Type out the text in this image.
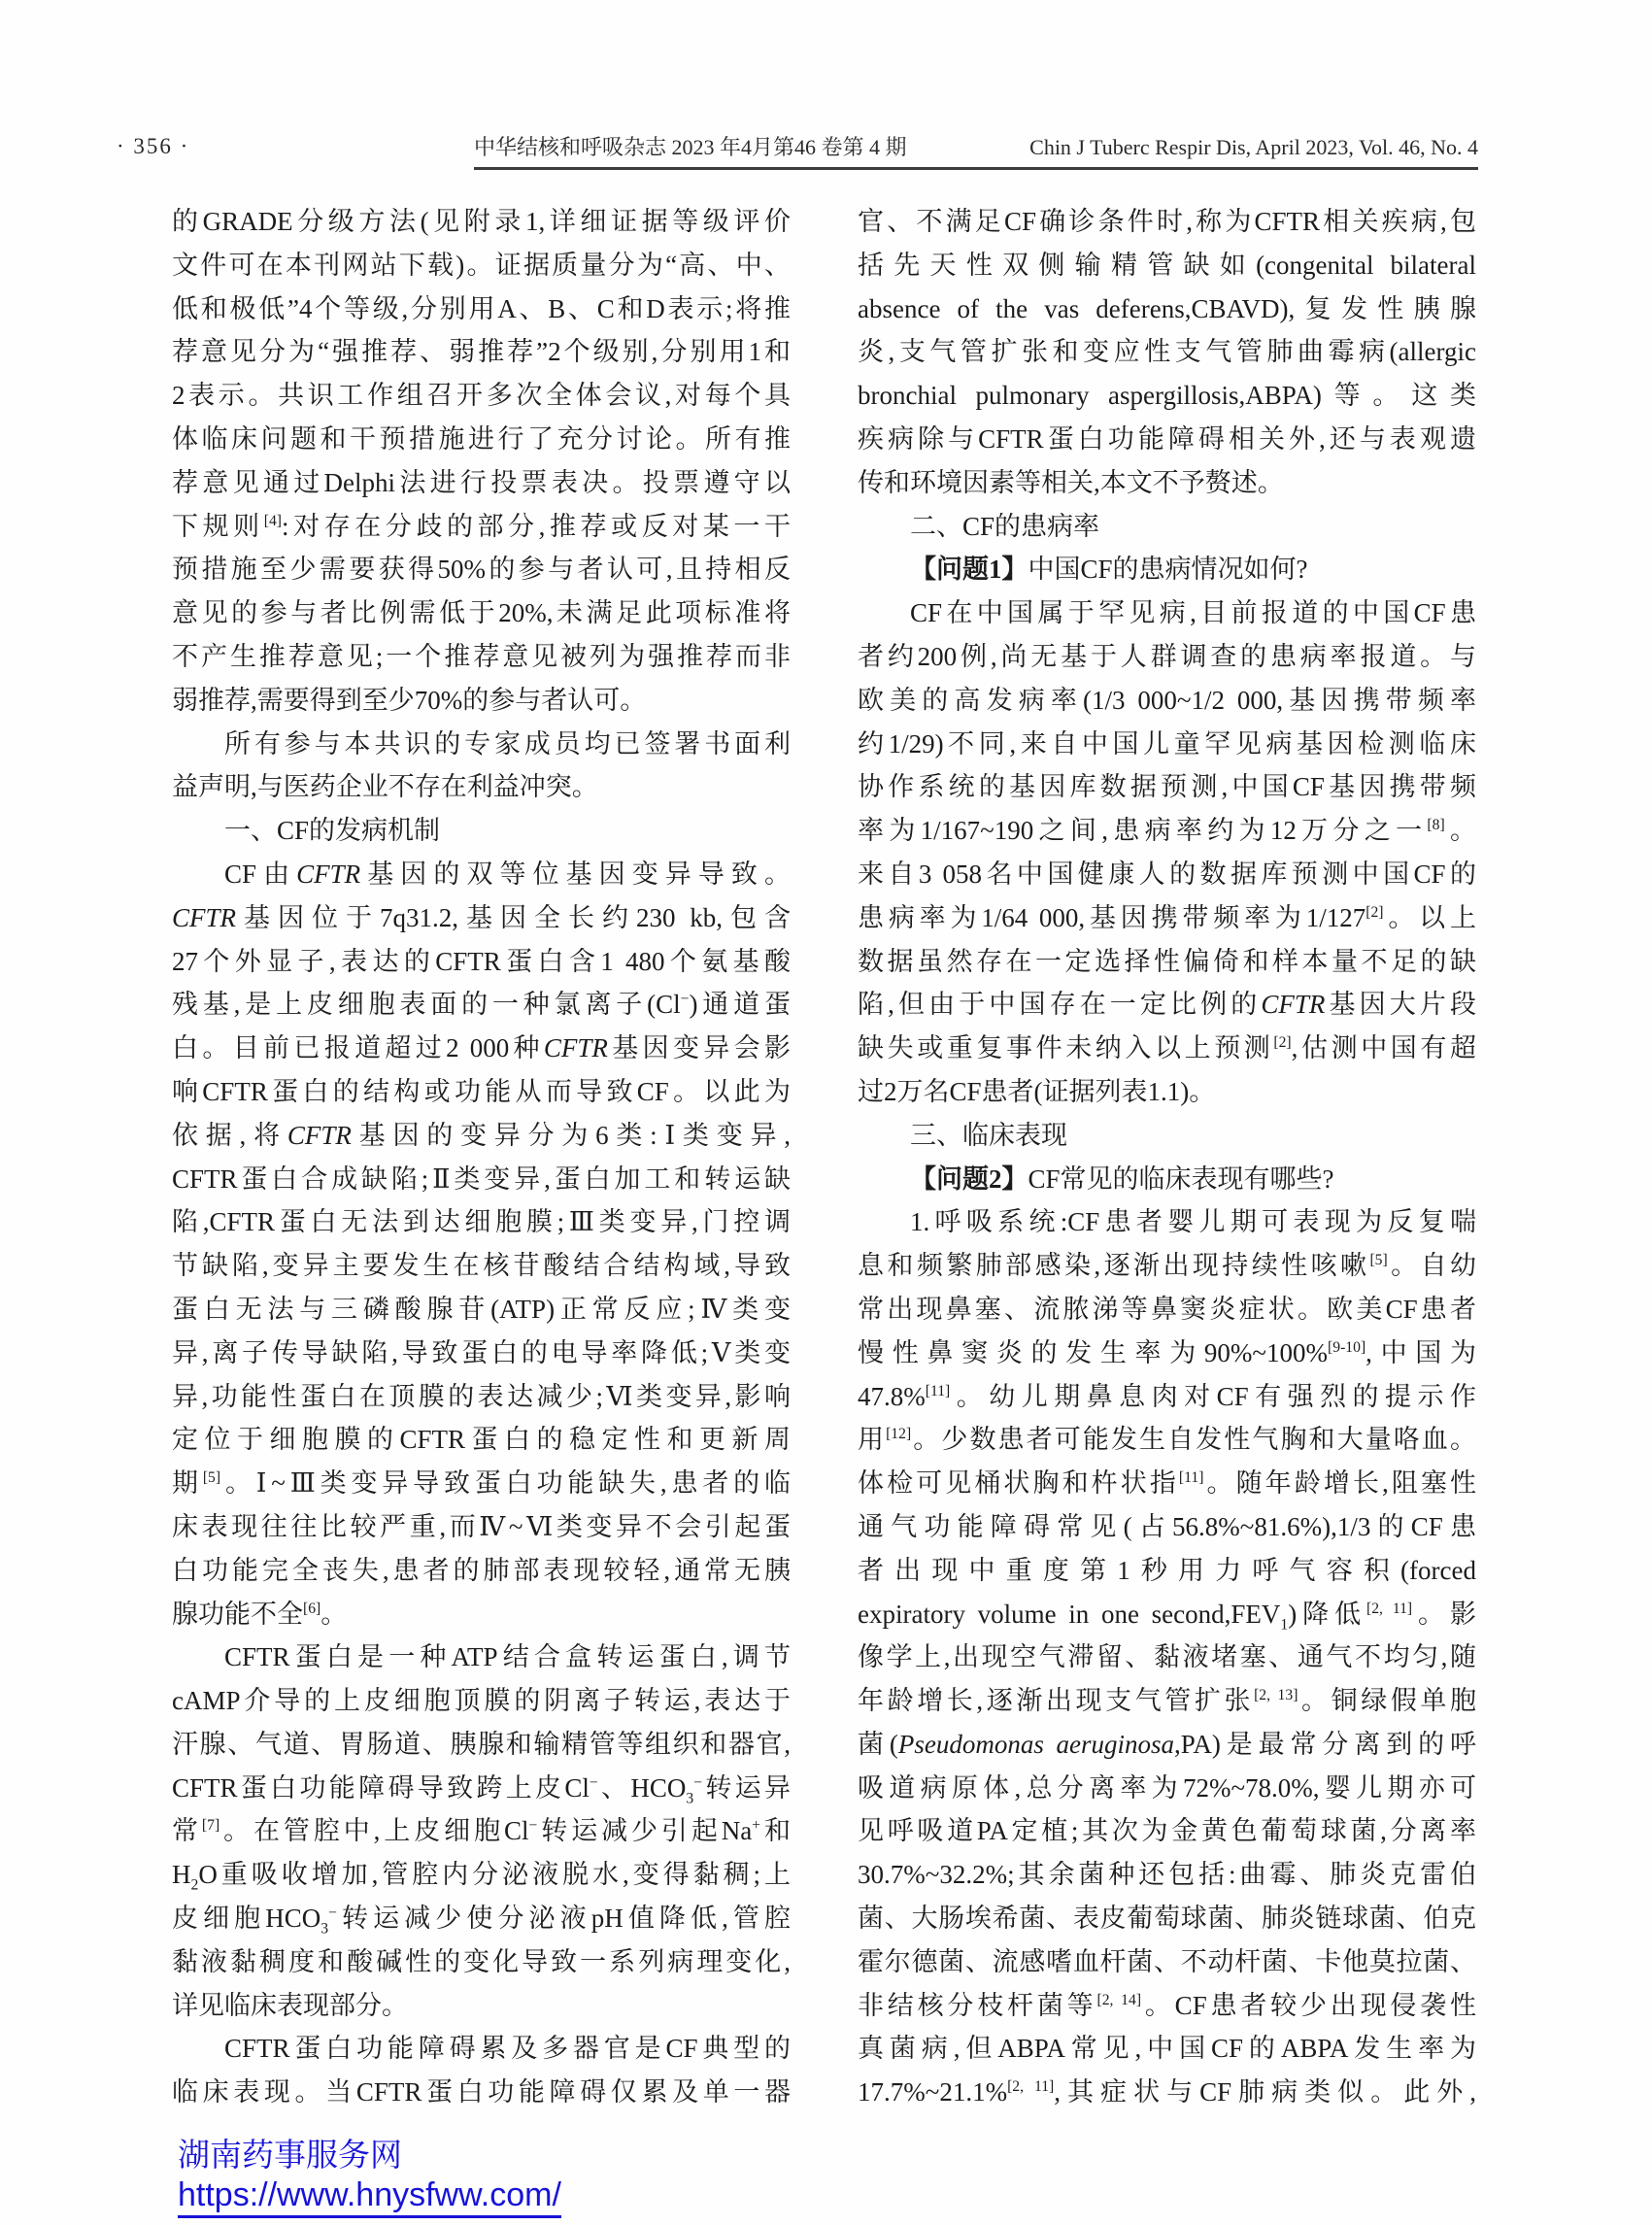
· 356 ·	中华结核和呼吸杂志 2023 年4月第46 卷第 4 期	Chin J Tuberc Respir Dis, April 2023, Vol. 46, No. 4
的GRADE分级方法(见附录1,详细证据等级评价
文件可在本刊网站下载)。证据质量分为“高、中、
低和极低”4个等级,分别用A、B、C和D表示;将推
荐意见分为“强推荐、弱推荐”2个级别,分别用1和
2表示。共识工作组召开多次全体会议,对每个具
体临床问题和干预措施进行了充分讨论。所有推
荐意见通过Delphi法进行投票表决。投票遵守以
下规则[4]:对存在分歧的部分,推荐或反对某一干
预措施至少需要获得50%的参与者认可,且持相反
意见的参与者比例需低于20%,未满足此项标准将
不产生推荐意见;一个推荐意见被列为强推荐而非
弱推荐,需要得到至少70%的参与者认可。
所有参与本共识的专家成员均已签署书面利
益声明,与医药企业不存在利益冲突。
一、CF的发病机制
CF由CFTR基因的双等位基因变异导致。
CFTR基因位于7q31.2,基因全长约230 kb,包含
27个外显子,表达的CFTR蛋白含1 480个氨基酸
残基,是上皮细胞表面的一种氯离子(Cl−)通道蛋
白。目前已报道超过2 000种CFTR基因变异会影
响CFTR蛋白的结构或功能从而导致CF。以此为
依据,将CFTR基因的变异分为6类:Ⅰ类变异,
CFTR蛋白合成缺陷;Ⅱ类变异,蛋白加工和转运缺
陷,CFTR蛋白无法到达细胞膜;Ⅲ类变异,门控调
节缺陷,变异主要发生在核苷酸结合结构域,导致
蛋白无法与三磷酸腺苷(ATP)正常反应;Ⅳ类变
异,离子传导缺陷,导致蛋白的电导率降低;Ⅴ类变
异,功能性蛋白在顶膜的表达减少;Ⅵ类变异,影响
定位于细胞膜的CFTR蛋白的稳定性和更新周
期[5]。Ⅰ~Ⅲ类变异导致蛋白功能缺失,患者的临
床表现往往比较严重,而Ⅳ~Ⅵ类变异不会引起蛋
白功能完全丧失,患者的肺部表现较轻,通常无胰
腺功能不全[6]。
CFTR蛋白是一种ATP结合盒转运蛋白,调节
cAMP介导的上皮细胞顶膜的阴离子转运,表达于
汗腺、气道、胃肠道、胰腺和输精管等组织和器官,
CFTR蛋白功能障碍导致跨上皮Cl−、$HCO_3^-$转运异
常[7]。在管腔中,上皮细胞Cl−转运减少引起Na+和
$H_2O$重吸收增加,管腔内分泌液脱水,变得黏稠;上
皮细胞$HCO_3^-$转运减少使分泌液pH值降低,管腔
黏液黏稠度和酸碱性的变化导致一系列病理变化,
详见临床表现部分。
CFTR蛋白功能障碍累及多器官是CF典型的
临床表现。当CFTR蛋白功能障碍仅累及单一器
官、不满足CF确诊条件时,称为CFTR相关疾病,包
括先天性双侧输精管缺如(congenital bilateral
absence of the vas deferens,CBAVD),复发性胰腺
炎,支气管扩张和变应性支气管肺曲霉病(allergic
bronchial pulmonary aspergillosis,ABPA)等。这类
疾病除与CFTR蛋白功能障碍相关外,还与表观遗
传和环境因素等相关,本文不予赘述。
二、CF的患病率
【问题1】中国CF的患病情况如何?
CF在中国属于罕见病,目前报道的中国CF患
者约200例,尚无基于人群调查的患病率报道。与
欧美的高发病率(1/3 000~1/2 000,基因携带频率
约1/29)不同,来自中国儿童罕见病基因检测临床
协作系统的基因库数据预测,中国CF基因携带频
率为1/167~190之间,患病率约为12万分之一[8]。
来自3 058名中国健康人的数据库预测中国CF的
患病率为1/64 000,基因携带频率为1/127[2]。以上
数据虽然存在一定选择性偏倚和样本量不足的缺
陷,但由于中国存在一定比例的CFTR基因大片段
缺失或重复事件未纳入以上预测[2],估测中国有超
过2万名CF患者(证据列表1.1)。
三、临床表现
【问题2】CF常见的临床表现有哪些?
1.呼吸系统:CF患者婴儿期可表现为反复喘
息和频繁肺部感染,逐渐出现持续性咳嗽[5]。自幼
常出现鼻塞、流脓涕等鼻窦炎症状。欧美CF患者
慢性鼻窦炎的发生率为90%~100%[9-10],中国为
47.8%[11]。幼儿期鼻息肉对CF有强烈的提示作
用[12]。少数患者可能发生自发性气胸和大量咯血。
体检可见桶状胸和杵状指[11]。随年龄增长,阻塞性
通气功能障碍常见(占56.8%~81.6%),1/3的CF患
者出现中重度第1秒用力呼气容积(forced
expiratory volume in one $second,FEV_1$)降低[2, 11]。影
像学上,出现空气滞留、黏液堵塞、通气不均匀,随
年龄增长,逐渐出现支气管扩张[2, 13]。铜绿假单胞
菌(Pseudomonas aeruginosa,PA)是最常分离到的呼
吸道病原体,总分离率为72%~78.0%,婴儿期亦可
见呼吸道PA定植;其次为金黄色葡萄球菌,分离率
30.7%~32.2%;其余菌种还包括:曲霉、肺炎克雷伯
菌、大肠埃希菌、表皮葡萄球菌、肺炎链球菌、伯克
霍尔德菌、流感嗜血杆菌、不动杆菌、卡他莫拉菌、
非结核分枝杆菌等[2, 14]。CF患者较少出现侵袭性
真菌病,但ABPA常见,中国CF的ABPA发生率为
17.7%~21.1%[2, 11],其症状与CF肺病类似。此外,
湖南药事服务网
https://www.hnysfww.com/
